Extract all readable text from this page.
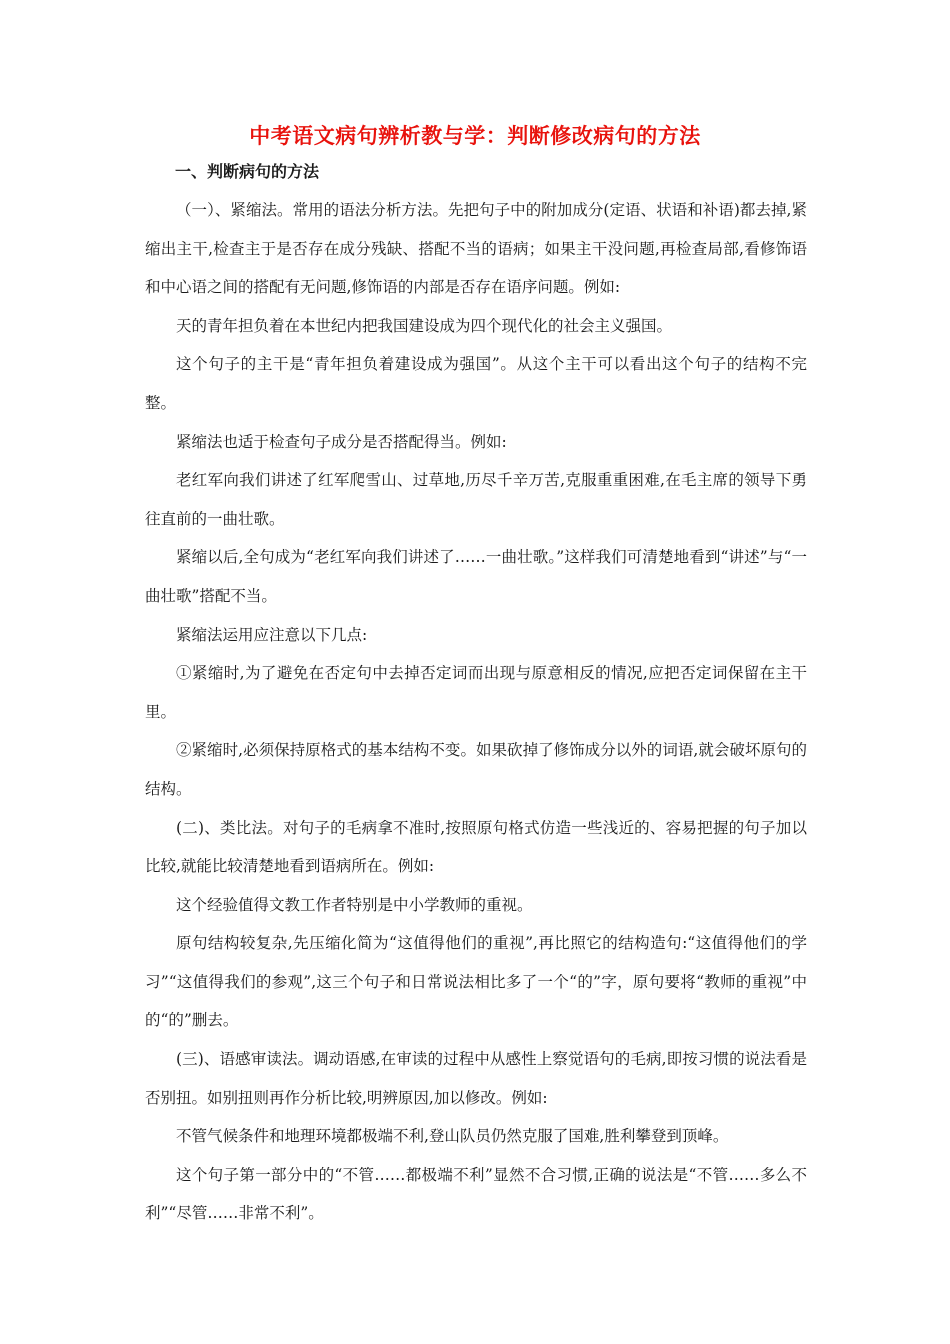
中考语文病句辨析教与学：判断修改病句的方法
一、判断病句的方法

（一）、紧缩法。常用的语法分析方法。先把句子中的附加成分(定语、状语和补语)都去掉,紧缩出主干,检查主于是否存在成分残缺、搭配不当的语病；如果主干没问题,再检查局部,看修饰语和中心语之间的搭配有无问题,修饰语的内部是否存在语序问题。例如:

天的青年担负着在本世纪内把我国建设成为四个现代化的社会主义强国。

这个句子的主干是“青年担负着建设成为强国”。从这个主干可以看出这个句子的结构不完整。

紧缩法也适于检查句子成分是否搭配得当。例如:

老红军向我们讲述了红军爬雪山、过草地,历尽千辛万苦,克服重重困难,在毛主席的领导下勇往直前的一曲壮歌。

紧缩以后,全句成为“老红军向我们讲述了……一曲壮歌。”这样我们可清楚地看到“讲述”与“一曲壮歌”搭配不当。

紧缩法运用应注意以下几点:

①紧缩时,为了避免在否定句中去掉否定词而出现与原意相反的情况,应把否定词保留在主干里。

②紧缩时,必须保持原格式的基本结构不变。如果砍掉了修饰成分以外的词语,就会破坏原句的结构。

(二)、类比法。对句子的毛病拿不准时,按照原句格式仿造一些浅近的、容易把握的句子加以比较,就能比较清楚地看到语病所在。例如:

这个经验值得文教工作者特别是中小学教师的重视。

原句结构较复杂,先压缩化简为“这值得他们的重视”,再比照它的结构造句:“这值得他们的学习”“这值得我们的参观”,这三个句子和日常说法相比多了一个“的”字，原句要将“教师的重视”中的“的”删去。

(三)、语感审读法。调动语感,在审读的过程中从感性上察觉语句的毛病,即按习惯的说法看是否别扭。如别扭则再作分析比较,明辨原因,加以修改。例如:

不管气候条件和地理环境都极端不利,登山队员仍然克服了国难,胜利攀登到顶峰。

这个句子第一部分中的“不管……都极端不利”显然不合习惯,正确的说法是“不管……多么不利”“尽管……非常不利”。
